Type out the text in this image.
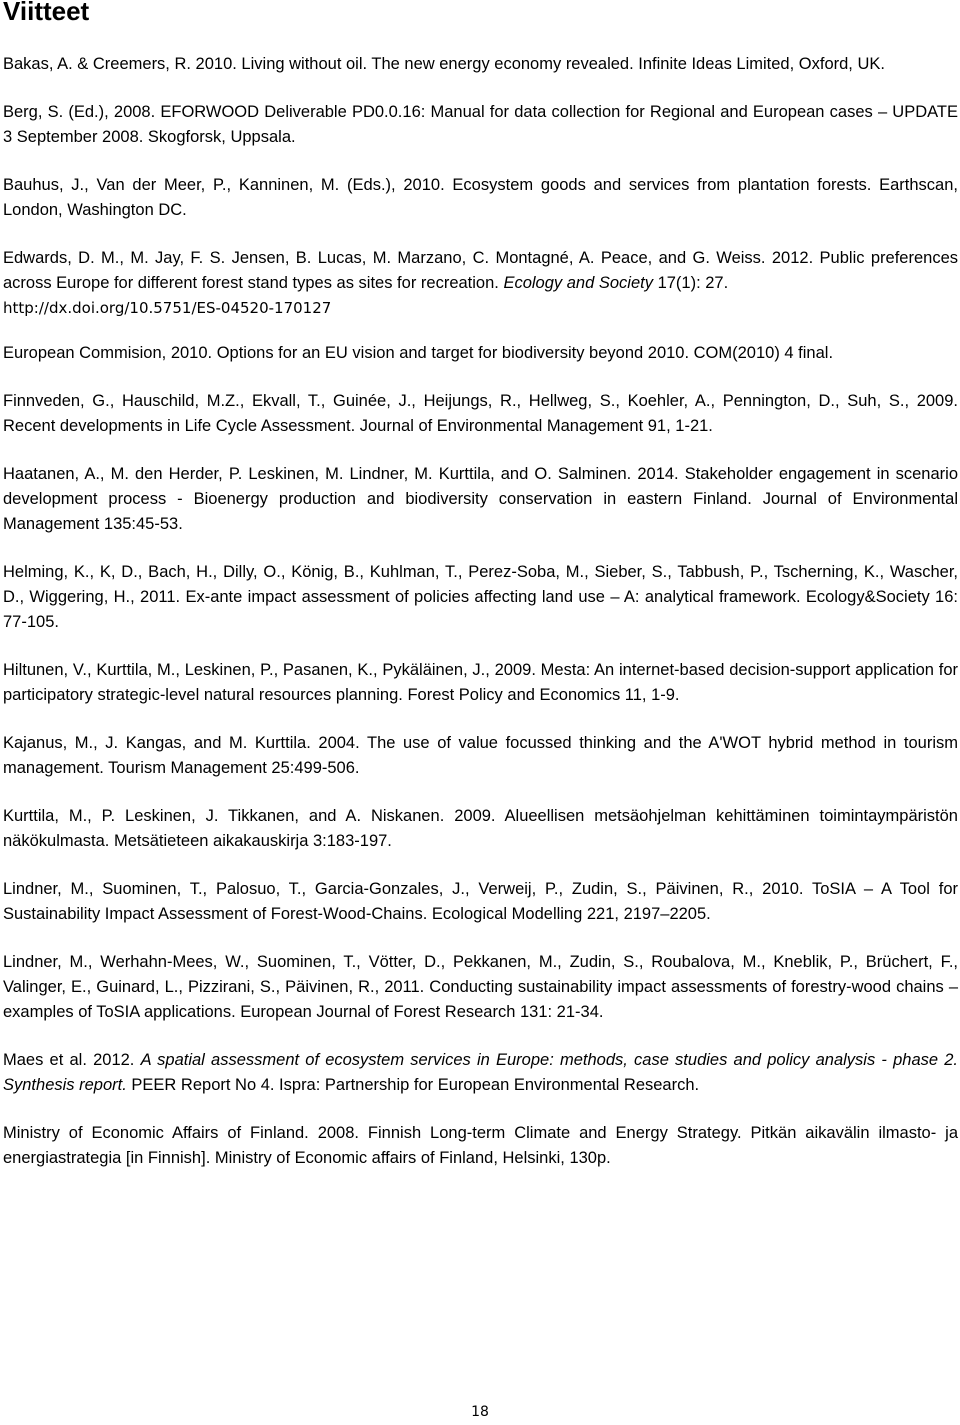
Viitteet

Bakas, A. & Creemers, R. 2010. Living without oil. The new energy economy revealed. Infinite Ideas Limited, Oxford, UK.

Berg, S. (Ed.), 2008. EFORWOOD Deliverable PD0.0.16: Manual for data collection for Regional and European cases – UPDATE 3 September 2008. Skogforsk, Uppsala.

Bauhus, J., Van der Meer, P., Kanninen, M. (Eds.), 2010. Ecosystem goods and services from plantation forests. Earthscan, London, Washington DC.

Edwards, D. M., M. Jay, F. S. Jensen, B. Lucas, M. Marzano, C. Montagné, A. Peace, and G. Weiss. 2012. Public preferences across Europe for different forest stand types as sites for recreation. Ecology and Society 17(1): 27.
http://dx.doi.org/10.5751/ES-04520-170127

European Commision, 2010. Options for an EU vision and target for biodiversity beyond 2010. COM(2010) 4 final.

Finnveden, G., Hauschild, M.Z., Ekvall, T., Guinée, J., Heijungs, R., Hellweg, S., Koehler, A., Pennington, D., Suh, S., 2009. Recent developments in Life Cycle Assessment. Journal of Environmental Management 91, 1-21.

Haatanen, A., M. den Herder, P. Leskinen, M. Lindner, M. Kurttila, and O. Salminen. 2014. Stakeholder engagement in scenario development process - Bioenergy production and biodiversity conservation in eastern Finland. Journal of Environmental Management 135:45-53.

Helming, K., K, D., Bach, H., Dilly, O., König, B., Kuhlman, T., Perez-Soba, M., Sieber, S., Tabbush, P., Tscherning, K., Wascher, D., Wiggering, H., 2011. Ex-ante impact assessment of policies affecting land use – A: analytical framework. Ecology&Society 16: 77-105.

Hiltunen, V., Kurttila, M., Leskinen, P., Pasanen, K., Pykäläinen, J., 2009. Mesta: An internet-based decision-support application for participatory strategic-level natural resources planning. Forest Policy and Economics 11, 1-9.

Kajanus, M., J. Kangas, and M. Kurttila. 2004. The use of value focussed thinking and the A'WOT hybrid method in tourism management. Tourism Management 25:499-506.

Kurttila, M., P. Leskinen, J. Tikkanen, and A. Niskanen. 2009. Alueellisen metsäohjelman kehittäminen toimintaympäristön näkökulmasta. Metsätieteen aikakauskirja 3:183-197.

Lindner, M., Suominen, T., Palosuo, T., Garcia-Gonzales, J., Verweij, P., Zudin, S., Päivinen, R., 2010. ToSIA – A Tool for Sustainability Impact Assessment of Forest-Wood-Chains. Ecological Modelling 221, 2197–2205.

Lindner, M., Werhahn-Mees, W., Suominen, T., Vötter, D., Pekkanen, M., Zudin, S., Roubalova, M., Kneblik, P., Brüchert, F., Valinger, E., Guinard, L., Pizzirani, S., Päivinen, R., 2011. Conducting sustainability impact assessments of forestry-wood chains – examples of ToSIA applications. European Journal of Forest Research 131: 21-34.

Maes et al. 2012. A spatial assessment of ecosystem services in Europe: methods, case studies and policy analysis - phase 2. Synthesis report. PEER Report No 4. Ispra: Partnership for European Environmental Research.

Ministry of Economic Affairs of Finland. 2008. Finnish Long-term Climate and Energy Strategy. Pitkän aikavälin ilmasto- ja energiastrategia [in Finnish]. Ministry of Economic affairs of Finland, Helsinki, 130p.

18
